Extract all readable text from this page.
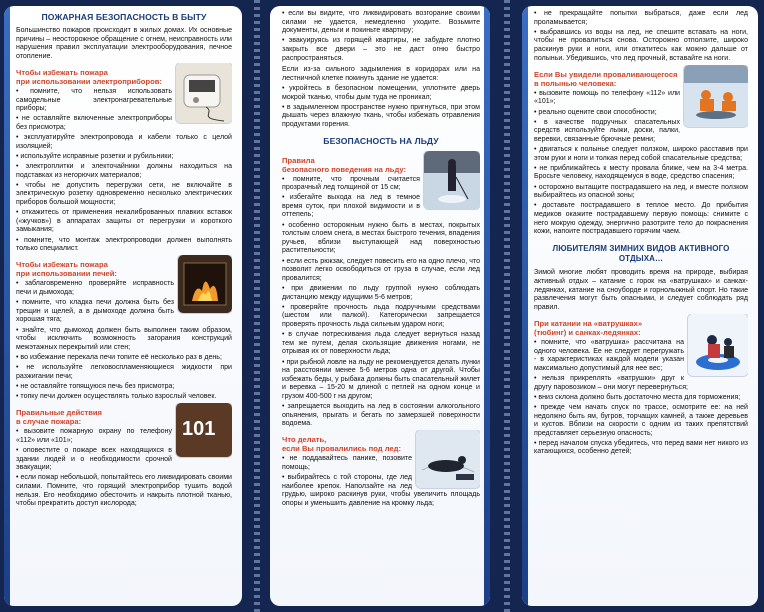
ПОЖАРНАЯ БЕЗОПАСНОСТЬ В БЫТУ

Большинство пожаров происходит в жилых домах. Их основные причины – неосторожное обращение с огнем, неисправность или нарушения правил эксплуатации электрооборудования, печное отопление.

Чтобы избежать пожара
при использовании электроприборов:

• помните, что нельзя использовать самодельные электронагревательные приборы;

• не оставляйте включенные электроприборы без присмотра;

• эксплуатируйте электропровода и кабели только с целой изоляцией;

• используйте исправные розетки и рубильники;

• электроплитки и электочайники должны находиться на подставках из негорючих материалов;

• чтобы не допустить перегрузки сети, не включайте в электрическую розетку одновременно несколько электрических приборов большой мощности;

• откажитесь от применения некалиброванных плавких вставок («жучков») в аппаратах защиты от перегрузки и короткого замыкания;

• помните, что монтаж электропроводки должен выполнять только специалист.

Чтобы избежать пожара
при использовании печей:

• заблаговременно проверяйте исправность печи и дымохода;

• помните, что кладка печи должна быть без трещин и щелей, а в дымоходе должна быть хорошая тяга;

• знайте, что дымоход должен быть выполнен таким образом, чтобы исключить возможность загорания конструкций межэтажных перекрытий или стен;

• во избежание перекала печи топите её несколько раз в день;

• не используйте легковоспламеняющиеся жидкости при разжигании печи;

• не оставляйте топящуюся печь без присмотра;

• топку печи должен осуществлять только взрослый человек.

101
Правильные действия
в случае пожара:

• вызовите пожарную охрану по телефону «112» или «101»;

• оповестите о пожаре всех находящихся в здании людей и о необходимости срочной эвакуации;

• если пожар небольшой, попытайтесь его ликвидировать своими силами. Помните, что горящий электроприбор тушить водой нельзя. Его необходимо обесточить и накрыть плотной тканью, чтобы прекратить доступ кислорода;

• если вы видите, что ликвидировать возгорание своими силами не удается, немедленно уходите. Возьмите документы, деньги и покиньте квартиру;

• эвакуируясь из горящей квартиры, не забудьте плотно закрыть все двери – это не даст огню быстро распространяться.

Если из-за сильного задымления в коридорах или на лестничной клетке покинуть здание не удается:

• укройтесь в безопасном помещении, уплотните дверь мокрой тканью, чтобы дым туда не проникал;

• в задымленном пространстве нужно пригнуться, при этом дышать через влажную ткань, чтобы избежать отравления продуктами горения.

БЕЗОПАСНОСТЬ НА ЛЬДУ
Правила
безопасного поведения на льду:

• помните, что прочным считается прозрачный лед толщиной от 15 см;

• избегайте выхода на лед в темное время суток, при плохой видимости и в оттепель;

• особенно осторожным нужно быть в местах, покрытых толстым слоем снега, в местах быстрого течения, впадения ручьев, вблизи выступающей над поверхностью растительности;

• если есть рюкзак, следует повесить его на одно плечо, что позволит легко освободиться от груза в случае, если лед провалится;

• при движении по льду группой нужно соблюдать дистанцию между идущими 5-6 метров;

• проверяйте прочность льда подручными средствами (шестом или палкой). Категорически запрещается проверять прочность льда сильным ударом ноги;

• в случае потрескивания льда следует вернуться назад тем же путем, делая скользящие движения ногами, не отрывая их от поверхности льда;

• при рыбной ловле на льду не рекомендуется делать лунки на расстоянии менее 5-6 метров одна от другой. Чтобы избежать беды, у рыбака должны быть спасательный жилет и веревка – 15-20 м длиной с петлей на одном конце и грузом 400-500 г на другом;

• запрещается выходить на лед в состоянии алкогольного опьянения, прыгать и бегать по замерзшей поверхности водоема.

Что делать,
если Вы провалились под лед:

• не поддавайтесь панике, позовите помощь;

• выбирайтесь с той стороны, где лед наиболее крепок. Наползайте на лед грудью, широко раскинув руки, чтобы увеличить площадь опоры и уменьшить давление на кромку льда;

• не прекращайте попытки выбраться, даже если лед проламывается;

• выбравшись из воды на лед, не спешите вставать на ноги, чтобы не провалиться снова. Осторожно отползите, широко раскинув руки и ноги, или откатитесь как можно дальше от полыньи. Убедившись, что лед прочный, вставайте на ноги.

Если Вы увидели проваливающегося
в полынью человека:

• вызовите помощь по телефону «112» или «101»;

• реально оцените свои способности;

• в качестве подручных спасательных средств используйте лыжи, доски, палки, веревки, связанные брючные ремни;

• двигаться к полынье следует ползком, широко расставив при этом руки и ноги и толкая перед собой спасательные средства;

• не приближайтесь к месту провала ближе, чем на 3-4 метра. Бросьте человеку, находящемуся в воде, средство спасения;

• осторожно вытащите пострадавшего на лед, и вместе ползком выбирайтесь из опасной зоны;

• доставьте пострадавшего в теплое место. До прибытия медиков окажите пострадавшему первую помощь: снимите с него мокрую одежду, энергично разотрите тело до покраснения кожи, напоите пострадавшего горячим чаем.

ЛЮБИТЕЛЯМ ЗИМНИХ ВИДОВ АКТИВНОГО ОТДЫХА…

Зимой многие любят проводить время на природе, выбирая активный отдых – катание с горок на «ватрушках» и санках-ледянках, катание на сноуборде и горнолыжный спорт. Но такие развлечения могут быть опасными, и следует соблюдать ряд правил.

При катании на «ватрушках»
(тюбинг) и санках-ледянках:

• помните, что «ватрушка» рассчитана на одного человека. Ее не следует перегружать - в характеристиках каждой модели указан максимально допустимый для нее вес;

• нельзя прикреплять «ватрушки» друг к другу паровозиком – они могут перевернуться;

• вниз склона должно быть достаточно места для торможения;

• прежде чем начать спуск по трассе, осмотрите ее: на ней недолжно быть ям, бугров, торчащих камней, а также деревьев и кустов. Вблизи на скорости с одним из таких препятствий представляет серьезную опасность;

• перед началом спуска убедитесь, что перед вами нет никого из катающихся, особенно детей;
